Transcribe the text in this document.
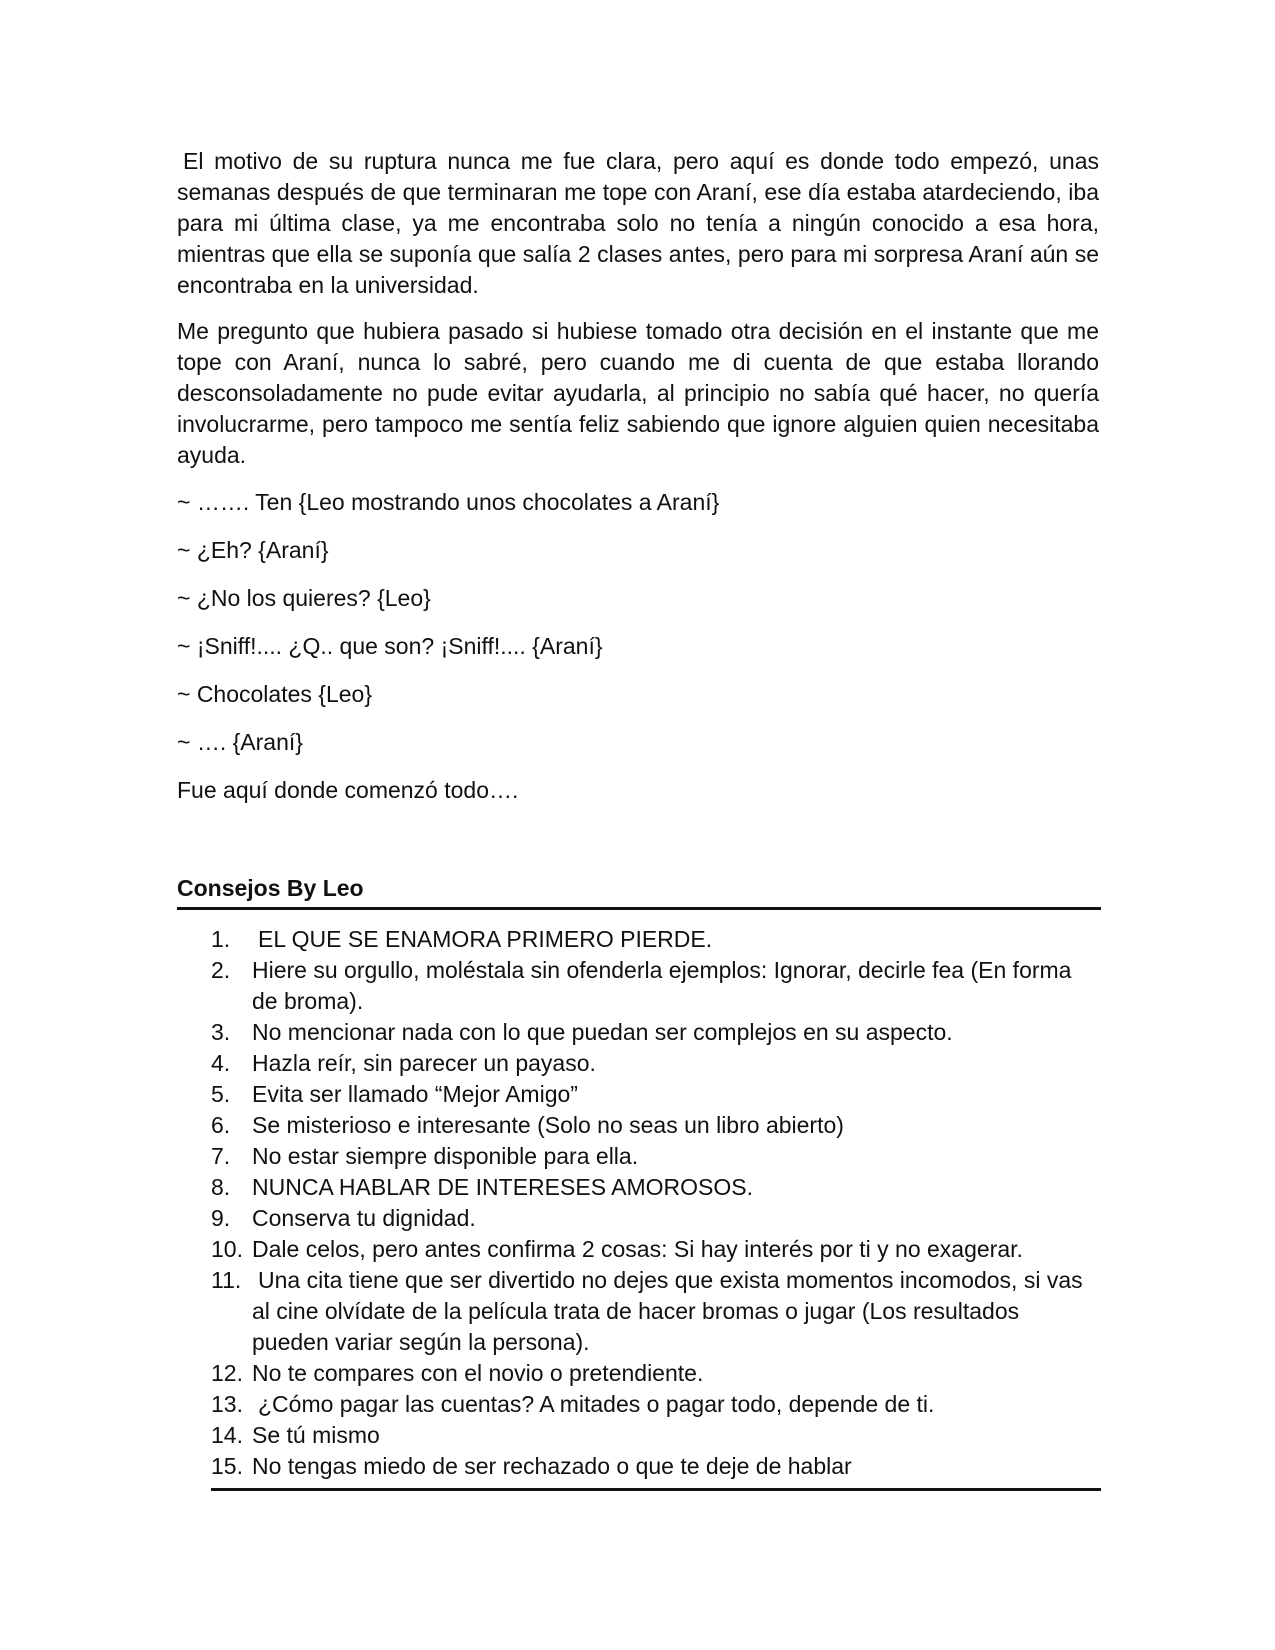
El motivo de su ruptura nunca me fue clara, pero aquí es donde todo empezó, unas semanas después de que terminaran me tope con Araní, ese día estaba atardeciendo, iba para mi última clase, ya me encontraba solo no tenía a ningún conocido a esa hora, mientras que ella se suponía que salía 2 clases antes, pero para mi sorpresa Araní aún se encontraba en la universidad.

Me pregunto que hubiera pasado si hubiese tomado otra decisión en el instante que me tope con Araní, nunca lo sabré, pero cuando me di cuenta de que estaba llorando desconsoladamente no pude evitar ayudarla, al principio no sabía qué hacer, no quería involucrarme, pero tampoco me sentía feliz sabiendo que ignore alguien quien necesitaba ayuda.

~ ……. Ten {Leo mostrando unos chocolates a Araní}

~ ¿Eh? {Araní}

~ ¿No los quieres? {Leo}

~ ¡Sniff!.... ¿Q.. que son? ¡Sniff!.... {Araní}

~ Chocolates {Leo}

~ …. {Araní}

Fue aquí donde comenzó todo….

Consejos By Leo
1.	EL QUE SE ENAMORA PRIMERO PIERDE.
2. Hiere su orgullo, moléstala sin ofenderla ejemplos: Ignorar, decirle fea (En forma de broma).
3. No mencionar nada con lo que puedan ser complejos en su aspecto.
4. Hazla reír, sin parecer un payaso.
5. Evita ser llamado “Mejor Amigo”
6. Se misterioso e interesante (Solo no seas un libro abierto)
7. No estar siempre disponible para ella.
8. NUNCA HABLAR DE INTERESES AMOROSOS.
9. Conserva tu dignidad.
10. Dale celos, pero antes confirma 2 cosas: Si hay interés por ti y no exagerar.
11. Una cita tiene que ser divertido no dejes que exista momentos incomodos, si vas al cine olvídate de la película trata de hacer bromas o jugar (Los resultados pueden variar según la persona).
12. No te compares con el novio o pretendiente.
13. ¿Cómo pagar las cuentas? A mitades o pagar todo, depende de ti.
14. Se tú mismo
15. No tengas miedo de ser rechazado o que te deje de hablar
